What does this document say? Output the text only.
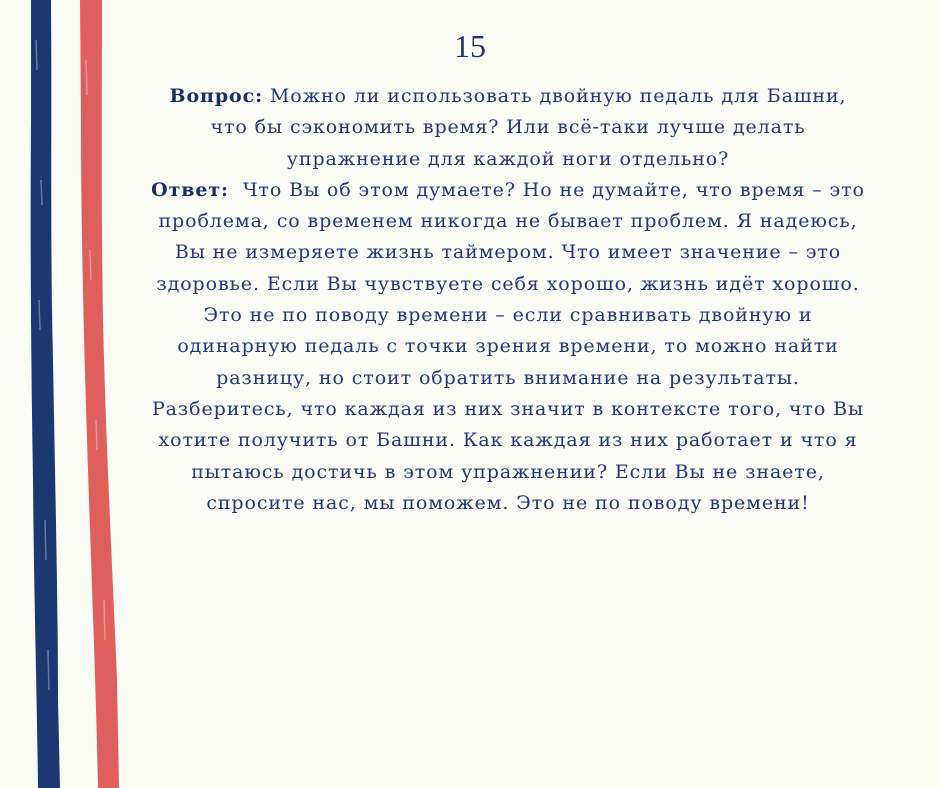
15

Вопрос: Можно ли использовать двойную педаль для Башни, что бы сэкономить время? Или всё-таки лучше делать упражнение для каждой ноги отдельно?

Ответ:  Что Вы об этом думаете? Но не думайте, что время – это проблема, со временем никогда не бывает проблем. Я надеюсь, Вы не измеряете жизнь таймером. Что имеет значение – это здоровье. Если Вы чувствуете себя хорошо, жизнь идёт хорошо. Это не по поводу времени – если сравнивать двойную и одинарную педаль с точки зрения времени, то можно найти разницу, но стоит обратить внимание на результаты. Разберитесь, что каждая из них значит в контексте того, что Вы хотите получить от Башни. Как каждая из них работает и что я пытаюсь достичь в этом упражнении? Если Вы не знаете, спросите нас, мы поможем. Это не по поводу времени!
